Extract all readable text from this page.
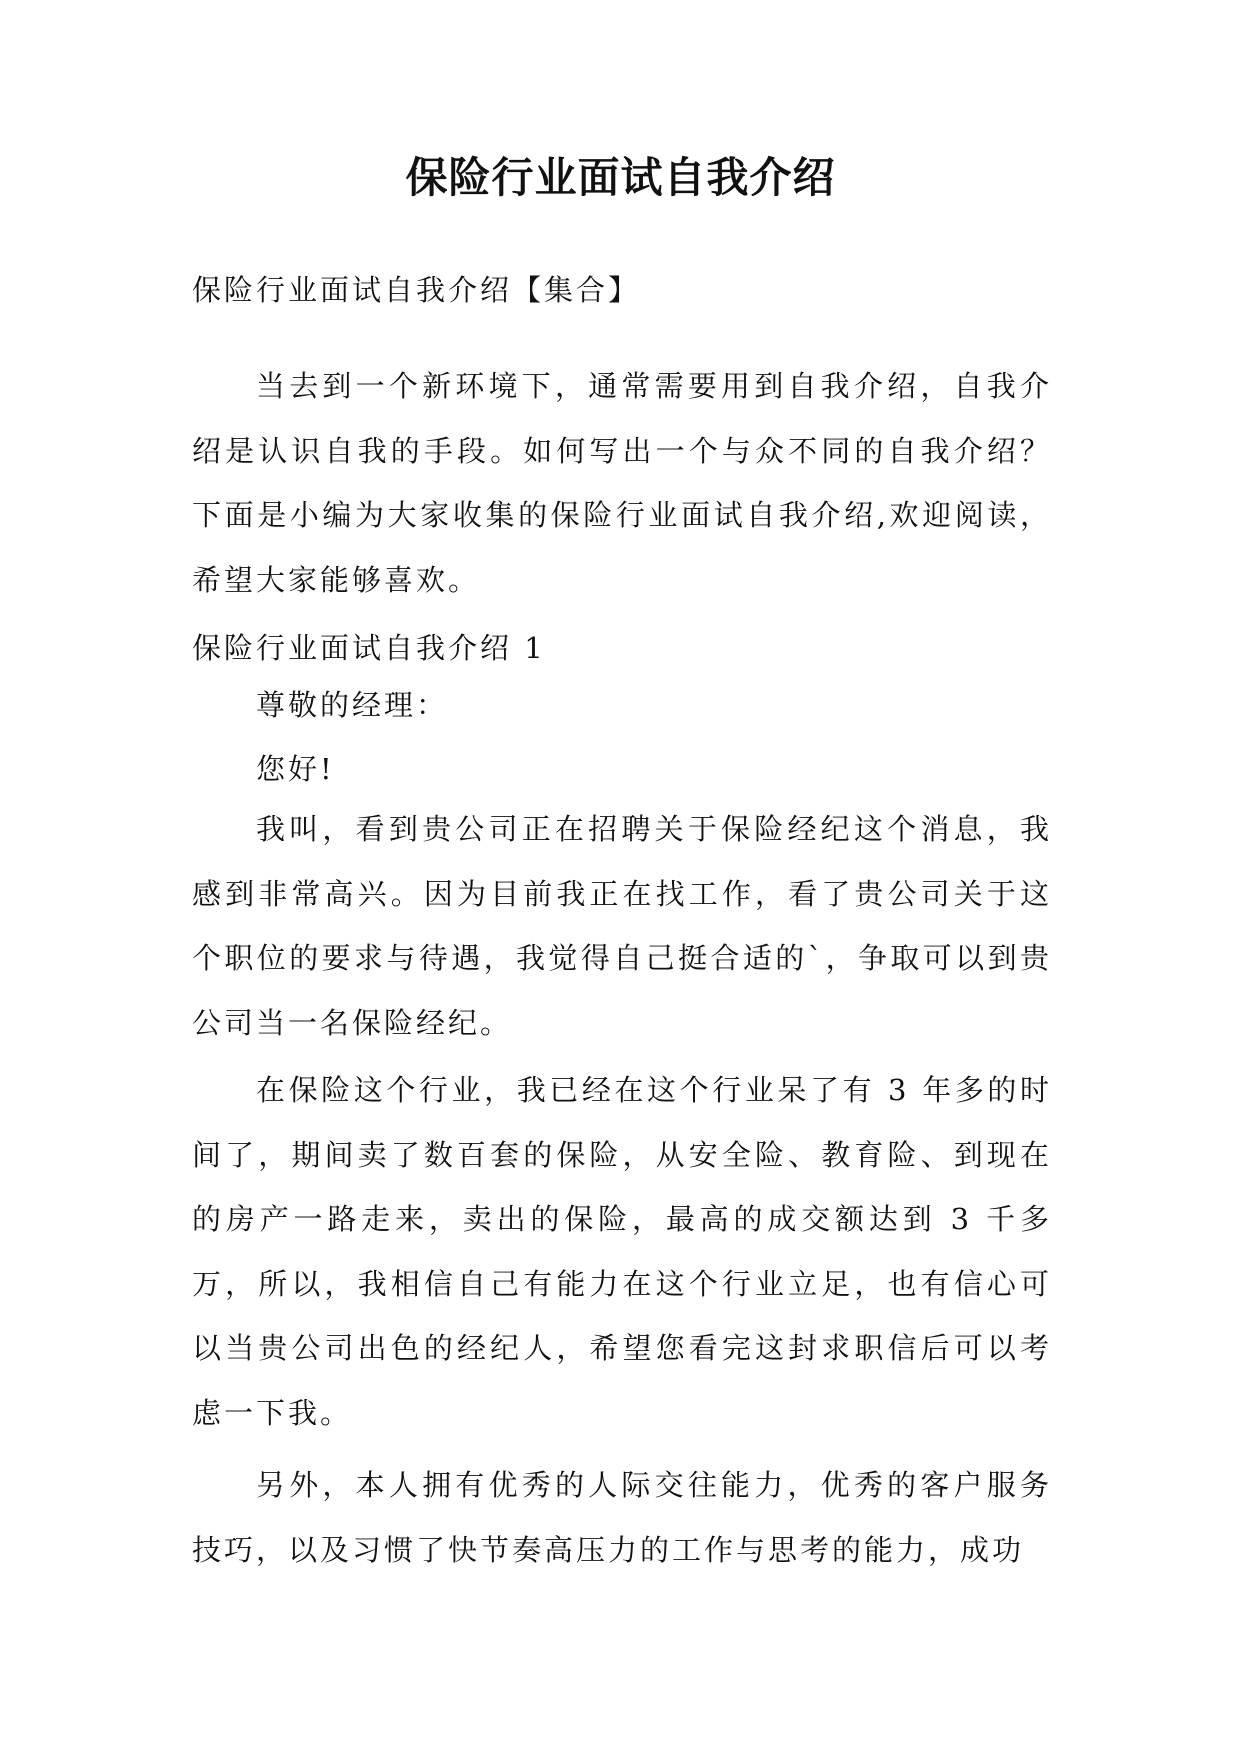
保险行业面试自我介绍
保险行业面试自我介绍【集合】
当去到一个新环境下，通常需要用到自我介绍，自我介绍是认识自我的手段。如何写出一个与众不同的自我介绍？下面是小编为大家收集的保险行业面试自我介绍,欢迎阅读，希望大家能够喜欢。
保险行业面试自我介绍 1
尊敬的经理：
您好!
我叫，看到贵公司正在招聘关于保险经纪这个消息，我感到非常高兴。因为目前我正在找工作，看了贵公司关于这个职位的要求与待遇，我觉得自己挺合适的`，争取可以到贵公司当一名保险经纪。
在保险这个行业，我已经在这个行业呆了有 3 年多的时间了，期间卖了数百套的保险，从安全险、教育险、到现在的房产一路走来，卖出的保险，最高的成交额达到 3 千多万，所以，我相信自己有能力在这个行业立足，也有信心可以当贵公司出色的经纪人，希望您看完这封求职信后可以考虑一下我。
另外，本人拥有优秀的人际交往能力，优秀的客户服务技巧，以及习惯了快节奏高压力的工作与思考的能力，成功
